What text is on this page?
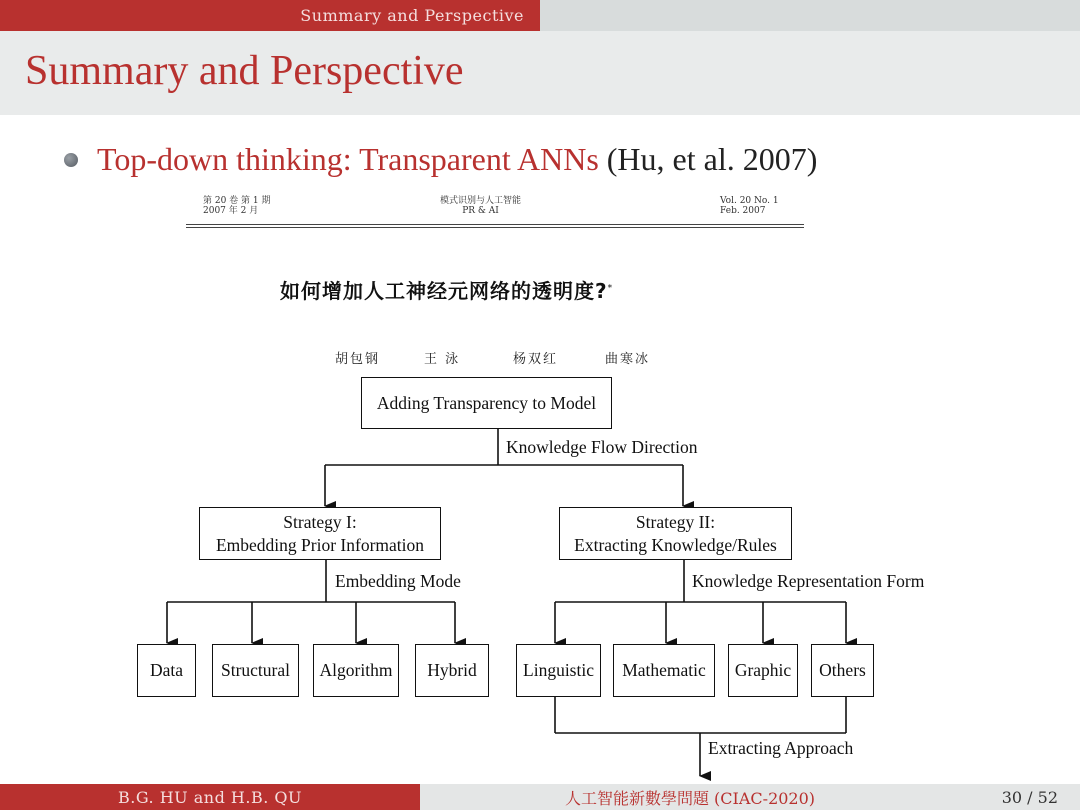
Summary and Perspective
Summary and Perspective
Top-down thinking: Transparent ANNs (Hu, et al. 2007)
第 20 卷 第 1 期
2007 年 2 月
模式识别与人工智能
PR & AI
Vol. 20 No. 1
Feb. 2007
如何增加人工神经元网络的透明度?*
胡包钢	王 泳	杨双红	曲寒冰
Adding Transparency to Model
Knowledge Flow Direction
Strategy I:
Embedding Prior Information
Strategy II:
Extracting Knowledge/Rules
Embedding Mode	Knowledge Representation Form
Data Structural Algorithm Hybrid	Linguistic Mathematic Graphic Others
Extracting Approach
B.G. HU and H.B. QU	人工智能新數學問題 (CIAC-2020)	30 / 52
